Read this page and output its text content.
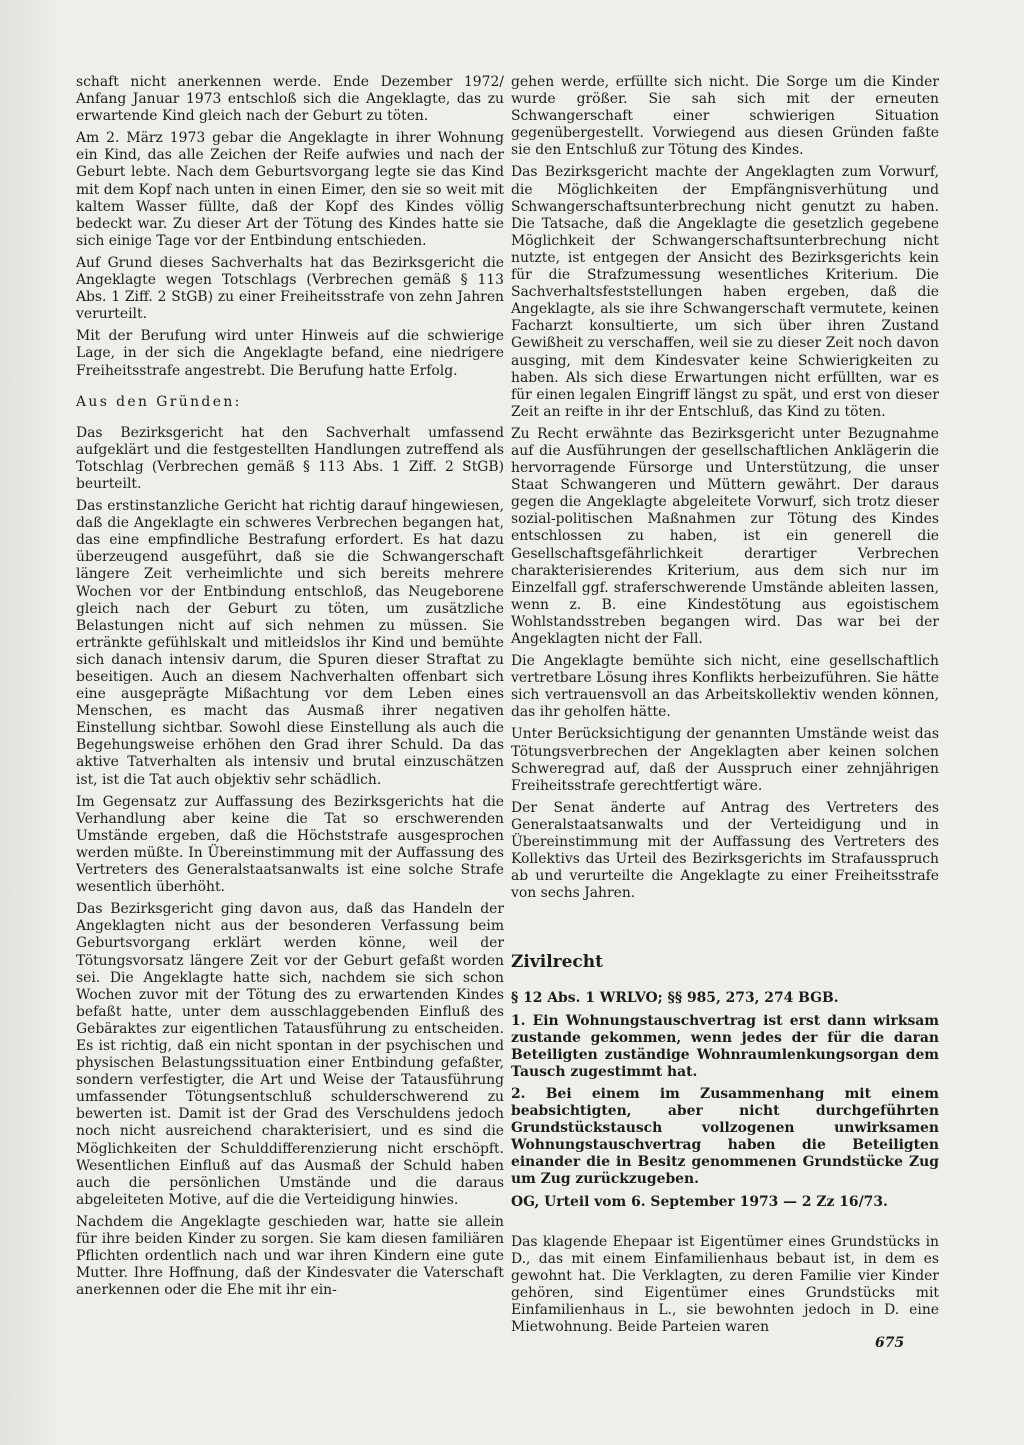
schaft nicht anerkennen werde. Ende Dezember 1972/ Anfang Januar 1973 entschloß sich die Angeklagte, das zu erwartende Kind gleich nach der Geburt zu töten.

Am 2. März 1973 gebar die Angeklagte in ihrer Wohnung ein Kind, das alle Zeichen der Reife aufwies und nach der Geburt lebte. Nach dem Geburtsvorgang legte sie das Kind mit dem Kopf nach unten in einen Eimer, den sie so weit mit kaltem Wasser füllte, daß der Kopf des Kindes völlig bedeckt war. Zu dieser Art der Tötung des Kindes hatte sie sich einige Tage vor der Entbindung entschieden.

Auf Grund dieses Sachverhalts hat das Bezirksgericht die Angeklagte wegen Totschlags (Verbrechen gemäß § 113 Abs. 1 Ziff. 2 StGB) zu einer Freiheitsstrafe von zehn Jahren verurteilt.

Mit der Berufung wird unter Hinweis auf die schwierige Lage, in der sich die Angeklagte befand, eine niedrigere Freiheitsstrafe angestrebt. Die Berufung hatte Erfolg.

Aus den Gründen:

Das Bezirksgericht hat den Sachverhalt umfassend aufgeklärt und die festgestellten Handlungen zutreffend als Totschlag (Verbrechen gemäß § 113 Abs. 1 Ziff. 2 StGB) beurteilt.

Das erstinstanzliche Gericht hat richtig darauf hingewiesen, daß die Angeklagte ein schweres Verbrechen begangen hat, das eine empfindliche Bestrafung erfordert. Es hat dazu überzeugend ausgeführt, daß sie die Schwangerschaft längere Zeit verheimlichte und sich bereits mehrere Wochen vor der Entbindung entschloß, das Neugeborene gleich nach der Geburt zu töten, um zusätzliche Belastungen nicht auf sich nehmen zu müssen. Sie ertränkte gefühlskalt und mitleidslos ihr Kind und bemühte sich danach intensiv darum, die Spuren dieser Straftat zu beseitigen. Auch an diesem Nachverhalten offenbart sich eine ausgeprägte Mißachtung vor dem Leben eines Menschen, es macht das Ausmaß ihrer negativen Einstellung sichtbar. Sowohl diese Einstellung als auch die Begehungsweise erhöhen den Grad ihrer Schuld. Da das aktive Tatverhalten als intensiv und brutal einzuschätzen ist, ist die Tat auch objektiv sehr schädlich.

Im Gegensatz zur Auffassung des Bezirksgerichts hat die Verhandlung aber keine die Tat so erschwerenden Umstände ergeben, daß die Höchststrafe ausgesprochen werden müßte. In Übereinstimmung mit der Auffassung des Vertreters des Generalstaatsanwalts ist eine solche Strafe wesentlich überhöht.

Das Bezirksgericht ging davon aus, daß das Handeln der Angeklagten nicht aus der besonderen Verfassung beim Geburtsvorgang erklärt werden könne, weil der Tötungsvorsatz längere Zeit vor der Geburt gefaßt worden sei. Die Angeklagte hatte sich, nachdem sie sich schon Wochen zuvor mit der Tötung des zu erwartenden Kindes befaßt hatte, unter dem ausschlaggebenden Einfluß des Gebäraktes zur eigentlichen Tatausführung zu entscheiden. Es ist richtig, daß ein nicht spontan in der psychischen und physischen Belastungssituation einer Entbindung gefaßter, sondern verfestigter, die Art und Weise der Tatausführung umfassender Tötungsentschluß schulderschwerend zu bewerten ist. Damit ist der Grad des Verschuldens jedoch noch nicht ausreichend charakterisiert, und es sind die Möglichkeiten der Schulddifferenzierung nicht erschöpft. Wesentlichen Einfluß auf das Ausmaß der Schuld haben auch die persönlichen Umstände und die daraus abgeleiteten Motive, auf die die Verteidigung hinwies.

Nachdem die Angeklagte geschieden war, hatte sie allein für ihre beiden Kinder zu sorgen. Sie kam diesen familiären Pflichten ordentlich nach und war ihren Kindern eine gute Mutter. Ihre Hoffnung, daß der Kindesvater die Vaterschaft anerkennen oder die Ehe mit ihr ein-

gehen werde, erfüllte sich nicht. Die Sorge um die Kinder wurde größer. Sie sah sich mit der erneuten Schwangerschaft einer schwierigen Situation gegenübergestellt. Vorwiegend aus diesen Gründen faßte sie den Entschluß zur Tötung des Kindes.

Das Bezirksgericht machte der Angeklagten zum Vorwurf, die Möglichkeiten der Empfängnisverhütung und Schwangerschaftsunterbrechung nicht genutzt zu haben. Die Tatsache, daß die Angeklagte die gesetzlich gegebene Möglichkeit der Schwangerschaftsunterbrechung nicht nutzte, ist entgegen der Ansicht des Bezirksgerichts kein für die Strafzumessung wesentliches Kriterium. Die Sachverhaltsfeststellungen haben ergeben, daß die Angeklagte, als sie ihre Schwangerschaft vermutete, keinen Facharzt konsultierte, um sich über ihren Zustand Gewißheit zu verschaffen, weil sie zu dieser Zeit noch davon ausging, mit dem Kindesvater keine Schwierigkeiten zu haben. Als sich diese Erwartungen nicht erfüllten, war es für einen legalen Eingriff längst zu spät, und erst von dieser Zeit an reifte in ihr der Entschluß, das Kind zu töten.

Zu Recht erwähnte das Bezirksgericht unter Bezugnahme auf die Ausführungen der gesellschaftlichen Anklägerin die hervorragende Fürsorge und Unterstützung, die unser Staat Schwangeren und Müttern gewährt. Der daraus gegen die Angeklagte abgeleitete Vorwurf, sich trotz dieser sozial-politischen Maßnahmen zur Tötung des Kindes entschlossen zu haben, ist ein generell die Gesellschaftsgefährlichkeit derartiger Verbrechen charakterisierendes Kriterium, aus dem sich nur im Einzelfall ggf. straferschwerende Umstände ableiten lassen, wenn z. B. eine Kindestötung aus egoistischem Wohlstandsstreben begangen wird. Das war bei der Angeklagten nicht der Fall.

Die Angeklagte bemühte sich nicht, eine gesellschaftlich vertretbare Lösung ihres Konflikts herbeizuführen. Sie hätte sich vertrauensvoll an das Arbeitskollektiv wenden können, das ihr geholfen hätte.

Unter Berücksichtigung der genannten Umstände weist das Tötungsverbrechen der Angeklagten aber keinen solchen Schweregrad auf, daß der Ausspruch einer zehnjährigen Freiheitsstrafe gerechtfertigt wäre.

Der Senat änderte auf Antrag des Vertreters des Generalstaatsanwalts und der Verteidigung und in Übereinstimmung mit der Auffassung des Vertreters des Kollektivs das Urteil des Bezirksgerichts im Strafausspruch ab und verurteilte die Angeklagte zu einer Freiheitsstrafe von sechs Jahren.

Zivilrecht

§ 12 Abs. 1 WRLVO; §§ 985, 273, 274 BGB.

1. Ein Wohnungstauschvertrag ist erst dann wirksam zustande gekommen, wenn jedes der für die daran Beteiligten zuständige Wohnraumlenkungsorgan dem Tausch zugestimmt hat.

2. Bei einem im Zusammenhang mit einem beabsichtigten, aber nicht durchgeführten Grundstückstausch vollzogenen unwirksamen Wohnungstauschvertrag haben die Beteiligten einander die in Besitz genommenen Grundstücke Zug um Zug zurückzugeben.

OG, Urteil vom 6. September 1973 — 2 Zz 16/73.

Das klagende Ehepaar ist Eigentümer eines Grundstücks in D., das mit einem Einfamilienhaus bebaut ist, in dem es gewohnt hat. Die Verklagten, zu deren Familie vier Kinder gehören, sind Eigentümer eines Grundstücks mit Einfamilienhaus in L., sie bewohnten jedoch in D. eine Mietwohnung. Beide Parteien waren

675
